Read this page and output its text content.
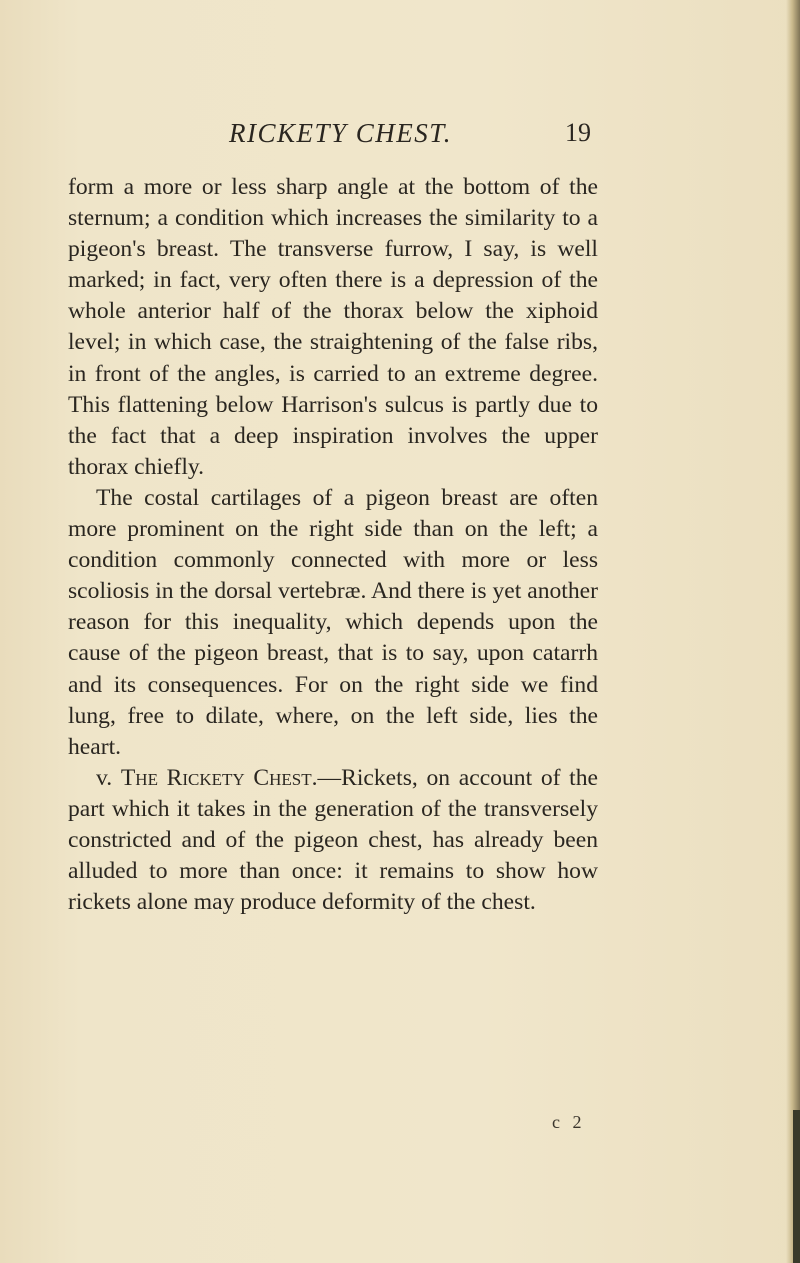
RICKETY CHEST.	19

form a more or less sharp angle at the bottom of the sternum; a condition which increases the similarity to a pigeon's breast. The transverse furrow, I say, is well marked; in fact, very often there is a depression of the whole anterior half of the thorax below the xiphoid level; in which case, the straightening of the false ribs, in front of the angles, is carried to an extreme degree. This flattening below Harrison's sulcus is partly due to the fact that a deep inspiration involves the upper thorax chiefly.

The costal cartilages of a pigeon breast are often more prominent on the right side than on the left; a condition commonly connected with more or less scoliosis in the dorsal vertebræ. And there is yet another reason for this inequality, which depends upon the cause of the pigeon breast, that is to say, upon catarrh and its consequences. For on the right side we find lung, free to dilate, where, on the left side, lies the heart.

v. The Rickety Chest.—Rickets, on account of the part which it takes in the generation of the transversely constricted and of the pigeon chest, has already been alluded to more than once: it remains to show how rickets alone may produce deformity of the chest.

c 2
